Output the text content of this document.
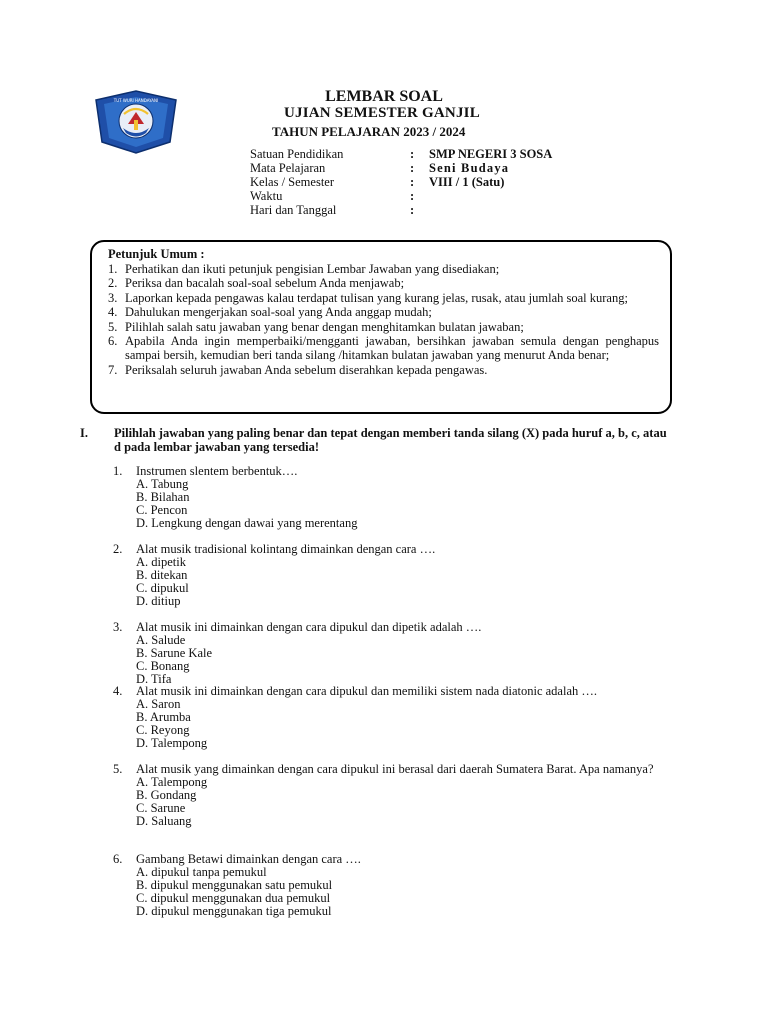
TUT WURI HANDAYANI	LEMBAR SOAL
UJIAN SEMESTER GANJIL
TAHUN PELAJARAN 2023 / 2024
Satuan Pendidikan	: SMP NEGERI 3 SOSA
Mata Pelajaran	: Seni Budaya
Kelas / Semester	: VIII / 1 (Satu)
Waktu	:
Hari dan Tanggal	:
Petunjuk Umum :
1. Perhatikan dan ikuti petunjuk pengisian Lembar Jawaban yang disediakan;
2. Periksa dan bacalah soal-soal sebelum Anda menjawab;
3. Laporkan kepada pengawas kalau terdapat tulisan yang kurang jelas, rusak, atau jumlah soal kurang;
4. Dahulukan mengerjakan soal-soal yang Anda anggap mudah;
5. Pilihlah salah satu jawaban yang benar dengan menghitamkan bulatan jawaban;
6. Apabila Anda ingin memperbaiki/mengganti jawaban, bersihkan jawaban semula dengan penghapus sampai bersih, kemudian beri tanda silang /hitamkan bulatan jawaban yang menurut Anda benar;
7. Periksalah seluruh jawaban Anda sebelum diserahkan kepada pengawas.
I. Pilihlah jawaban yang paling benar dan tepat dengan memberi tanda silang (X) pada huruf a, b, c, atau d pada lembar jawaban yang tersedia!
1. Instrumen slentem berbentuk….
A. Tabung
B. Bilahan
C. Pencon
D. Lengkung dengan dawai yang merentang
2. Alat musik tradisional kolintang dimainkan dengan cara ….
A. dipetik
B. ditekan
C. dipukul
D. ditiup
3. Alat musik ini dimainkan dengan cara dipukul dan dipetik adalah ….
A. Salude
B. Sarune Kale
C. Bonang
D. Tifa
4. Alat musik ini dimainkan dengan cara dipukul dan memiliki sistem nada diatonic adalah ….
A. Saron
B. Arumba
C. Reyong
D. Talempong
5. Alat musik yang dimainkan dengan cara dipukul ini berasal dari daerah Sumatera Barat. Apa namanya?
A. Talempong
B. Gondang
C. Sarune
D. Saluang
6. Gambang Betawi dimainkan dengan cara ….
A. dipukul tanpa pemukul
B. dipukul menggunakan satu pemukul
C. dipukul menggunakan dua pemukul
D. dipukul menggunakan tiga pemukul
